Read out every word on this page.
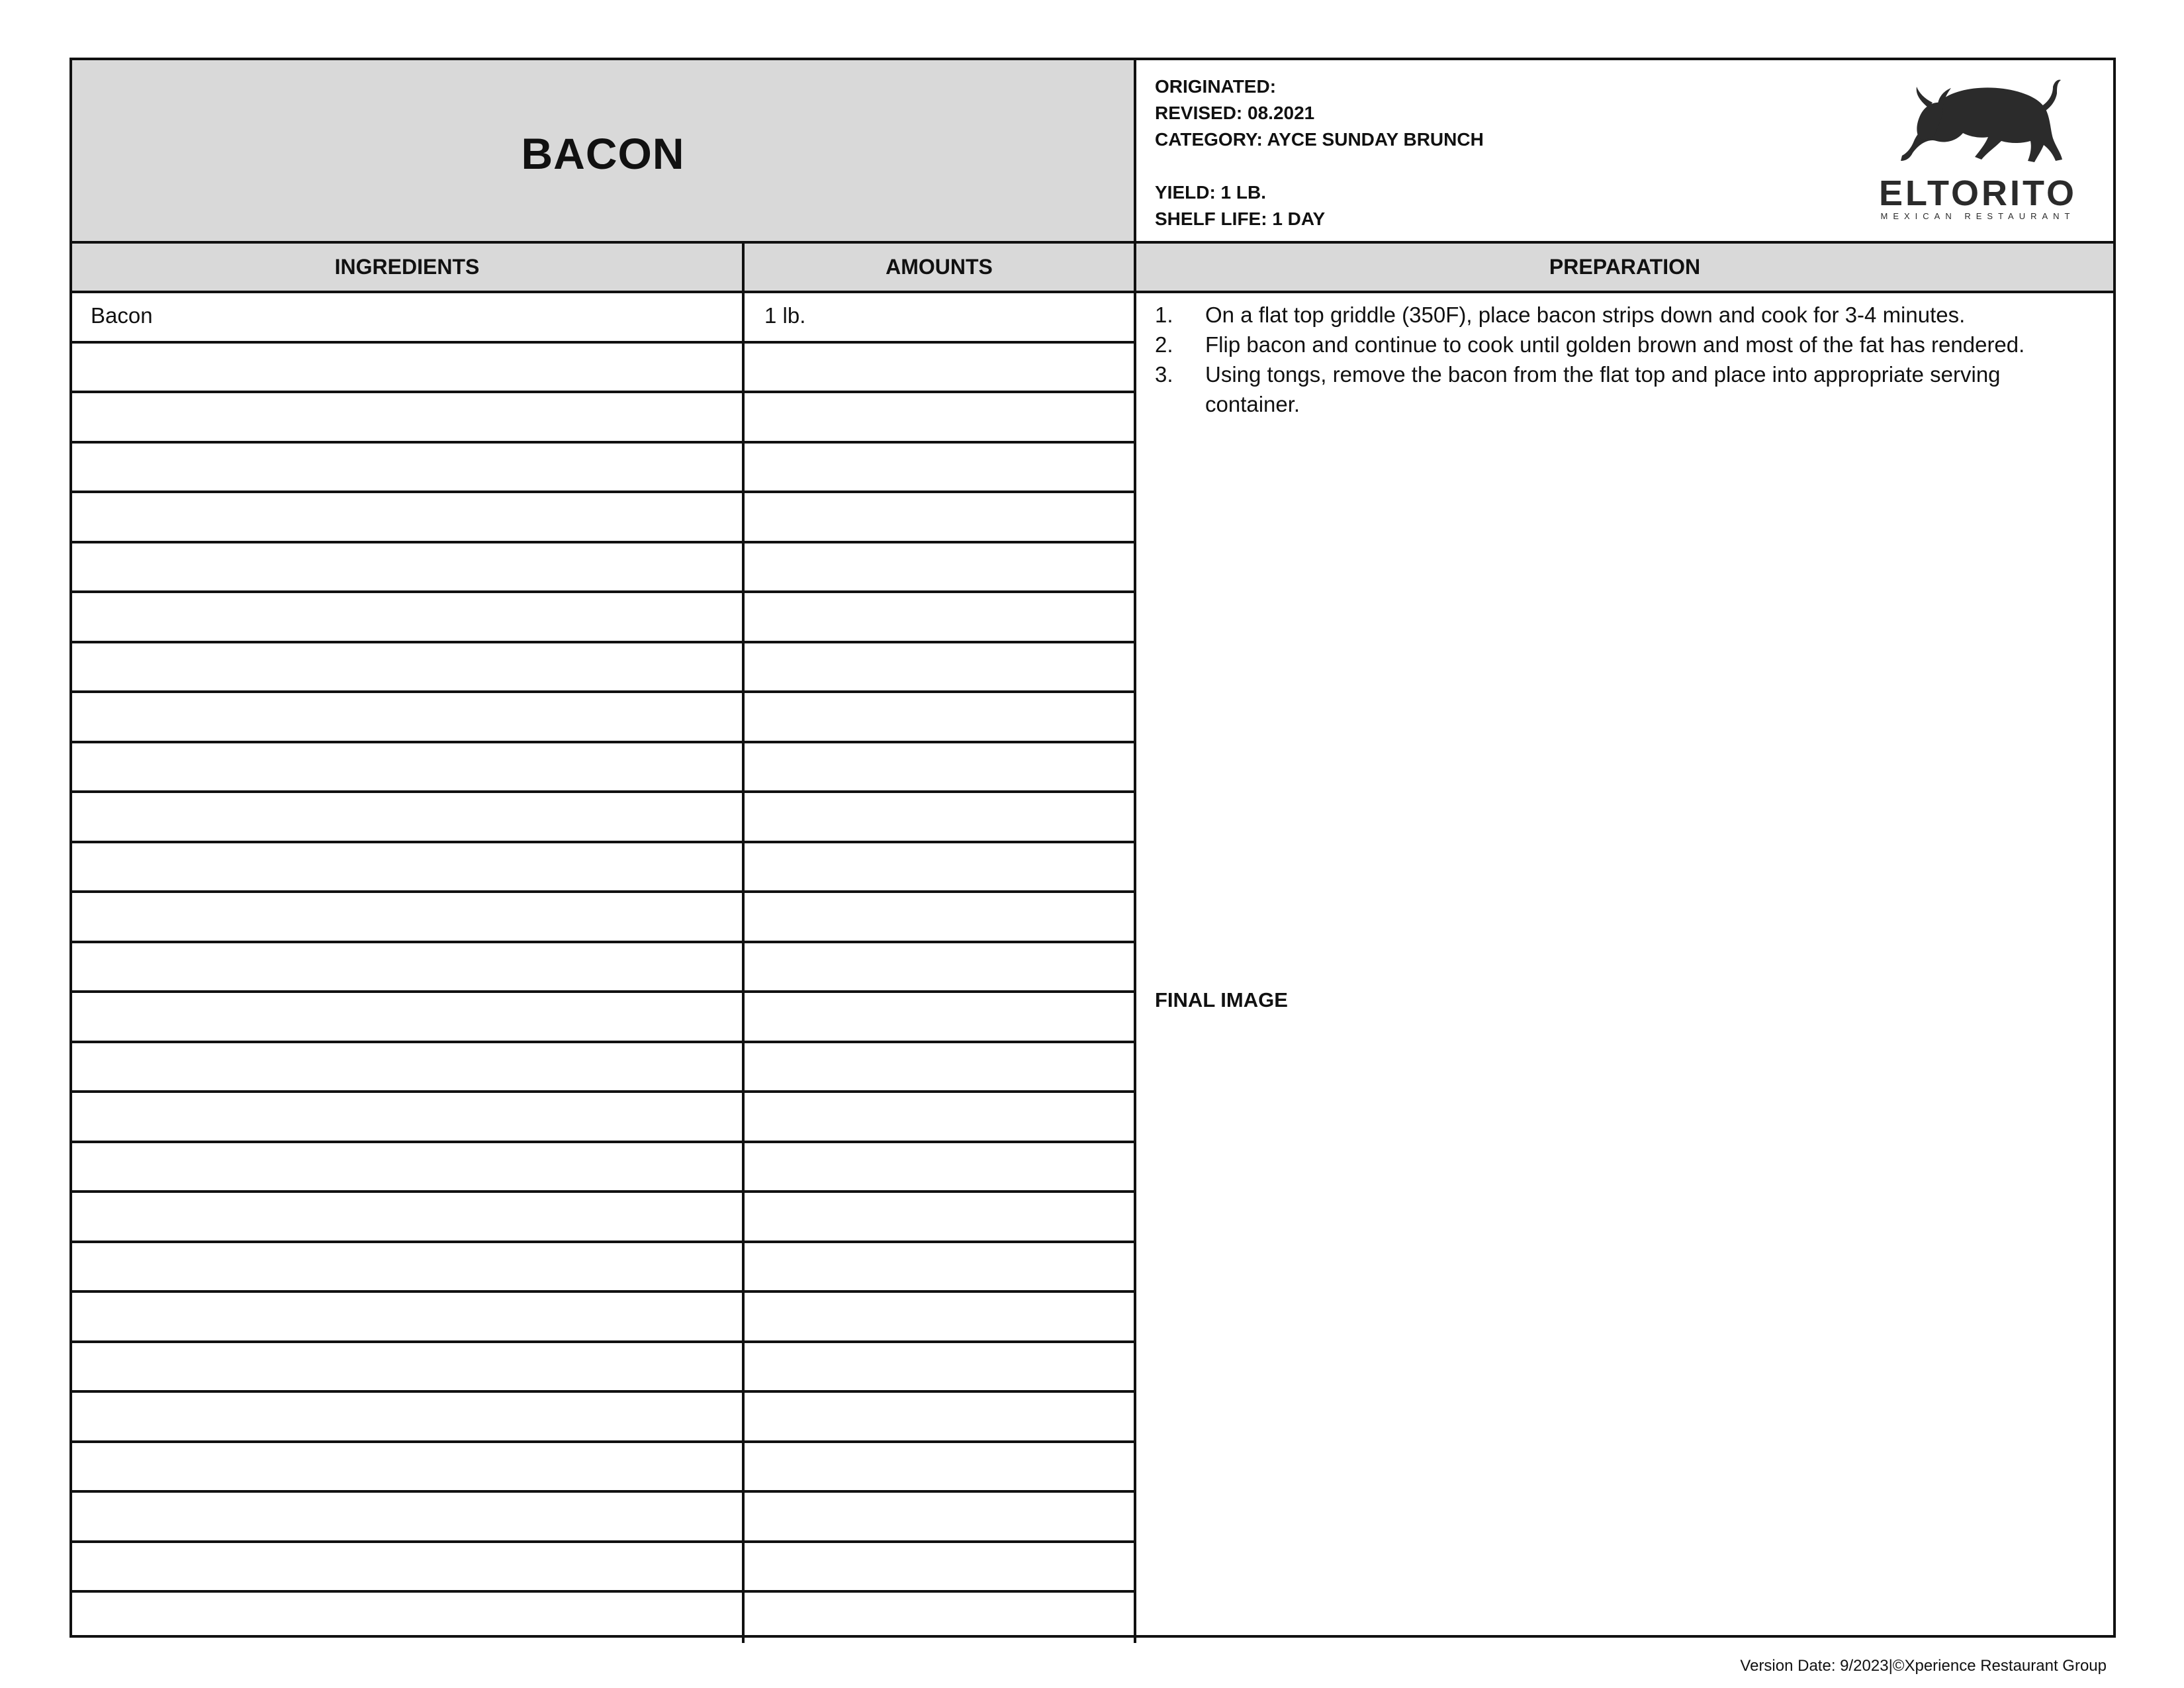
BACON
ORIGINATED:
REVISED: 08.2021
CATEGORY: AYCE SUNDAY BRUNCH
YIELD: 1 LB.
SHELF LIFE: 1 DAY
ELTORITO
MEXICAN RESTAURANT
INGREDIENTS	AMOUNTS	PREPARATION
Bacon	1 lb.	1. On a flat top griddle (350F), place bacon strips down and cook for 3-4 minutes.
2. Flip bacon and continue to cook until golden brown and most of the fat has rendered.
3. Using tongs, remove the bacon from the flat top and place into appropriate serving container.
FINAL IMAGE
Version Date: 9/2023|©Xperience Restaurant Group
